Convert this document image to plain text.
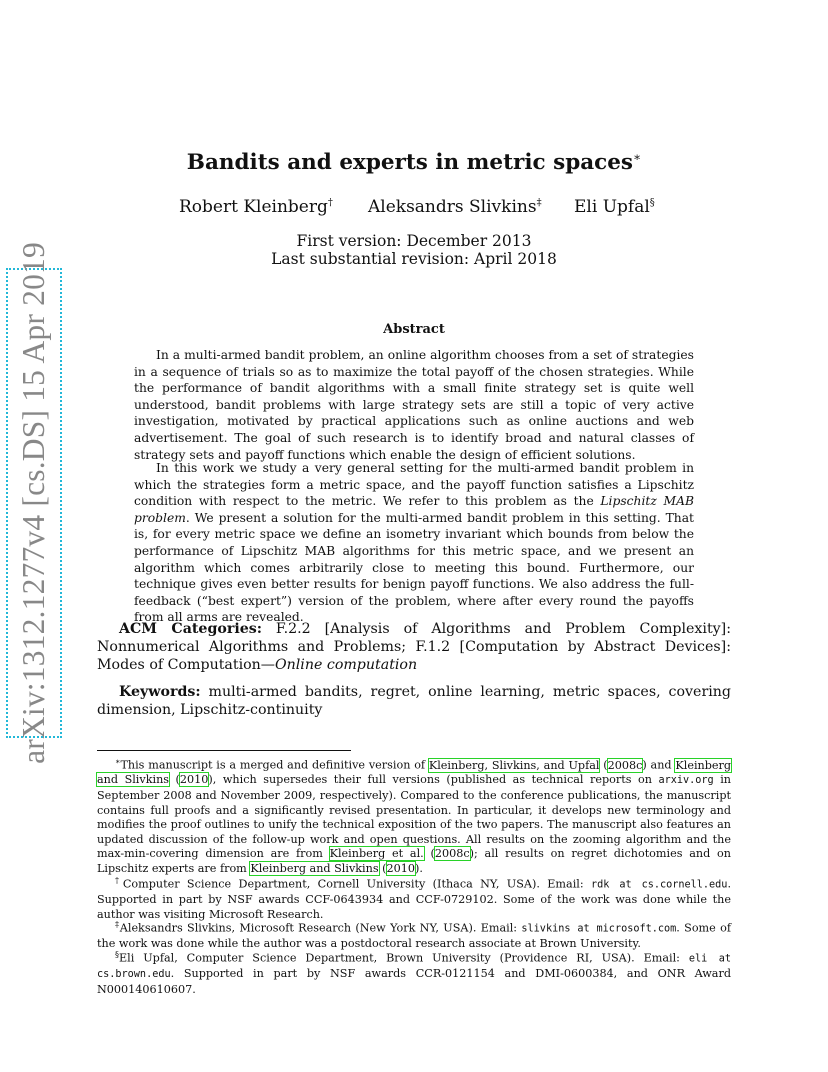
arXiv:1312.1277v4 [cs.DS] 15 Apr 2019
Bandits and experts in metric spaces∗
Robert Kleinberg† Aleksandrs Slivkins‡ Eli Upfal§
First version: December 2013
Last substantial revision: April 2018
Abstract
In a multi-armed bandit problem, an online algorithm chooses from a set of strategies in a sequence of trials so as to maximize the total payoff of the chosen strategies. While the performance of bandit algorithms with a small finite strategy set is quite well understood, bandit problems with large strategy sets are still a topic of very active investigation, motivated by practical applications such as online auctions and web advertisement. The goal of such research is to identify broad and natural classes of strategy sets and payoff functions which enable the design of efficient solutions.
In this work we study a very general setting for the multi-armed bandit problem in which the strategies form a metric space, and the payoff function satisfies a Lipschitz condition with respect to the metric. We refer to this problem as the Lipschitz MAB problem. We present a solution for the multi-armed bandit problem in this setting. That is, for every metric space we define an isometry invariant which bounds from below the performance of Lipschitz MAB algorithms for this metric space, and we present an algorithm which comes arbitrarily close to meeting this bound. Furthermore, our technique gives even better results for benign payoff functions. We also address the full-feedback (“best expert”) version of the problem, where after every round the payoffs from all arms are revealed.
ACM Categories: F.2.2 [Analysis of Algorithms and Problem Complexity]: Nonnumerical Algorithms and Problems; F.1.2 [Computation by Abstract Devices]: Modes of Computation—Online computation
Keywords: multi-armed bandits, regret, online learning, metric spaces, covering dimension, Lipschitz-continuity
∗This manuscript is a merged and definitive version of Kleinberg, Slivkins, and Upfal (2008c) and Kleinberg and Slivkins (2010), which supersedes their full versions (published as technical reports on arxiv.org in September 2008 and November 2009, respectively). Compared to the conference publications, the manuscript contains full proofs and a significantly revised presentation. In particular, it develops new terminology and modifies the proof outlines to unify the technical exposition of the two papers. The manuscript also features an updated discussion of the follow-up work and open questions. All results on the zooming algorithm and the max-min-covering dimension are from Kleinberg et al. (2008c); all results on regret dichotomies and on Lipschitz experts are from Kleinberg and Slivkins (2010).
†Computer Science Department, Cornell University (Ithaca NY, USA). Email: rdk at cs.cornell.edu. Supported in part by NSF awards CCF-0643934 and CCF-0729102. Some of the work was done while the author was visiting Microsoft Research.
‡Aleksandrs Slivkins, Microsoft Research (New York NY, USA). Email: slivkins at microsoft.com. Some of the work was done while the author was a postdoctoral research associate at Brown University.
§Eli Upfal, Computer Science Department, Brown University (Providence RI, USA). Email: eli at cs.brown.edu. Supported in part by NSF awards CCR-0121154 and DMI-0600384, and ONR Award N000140610607.
